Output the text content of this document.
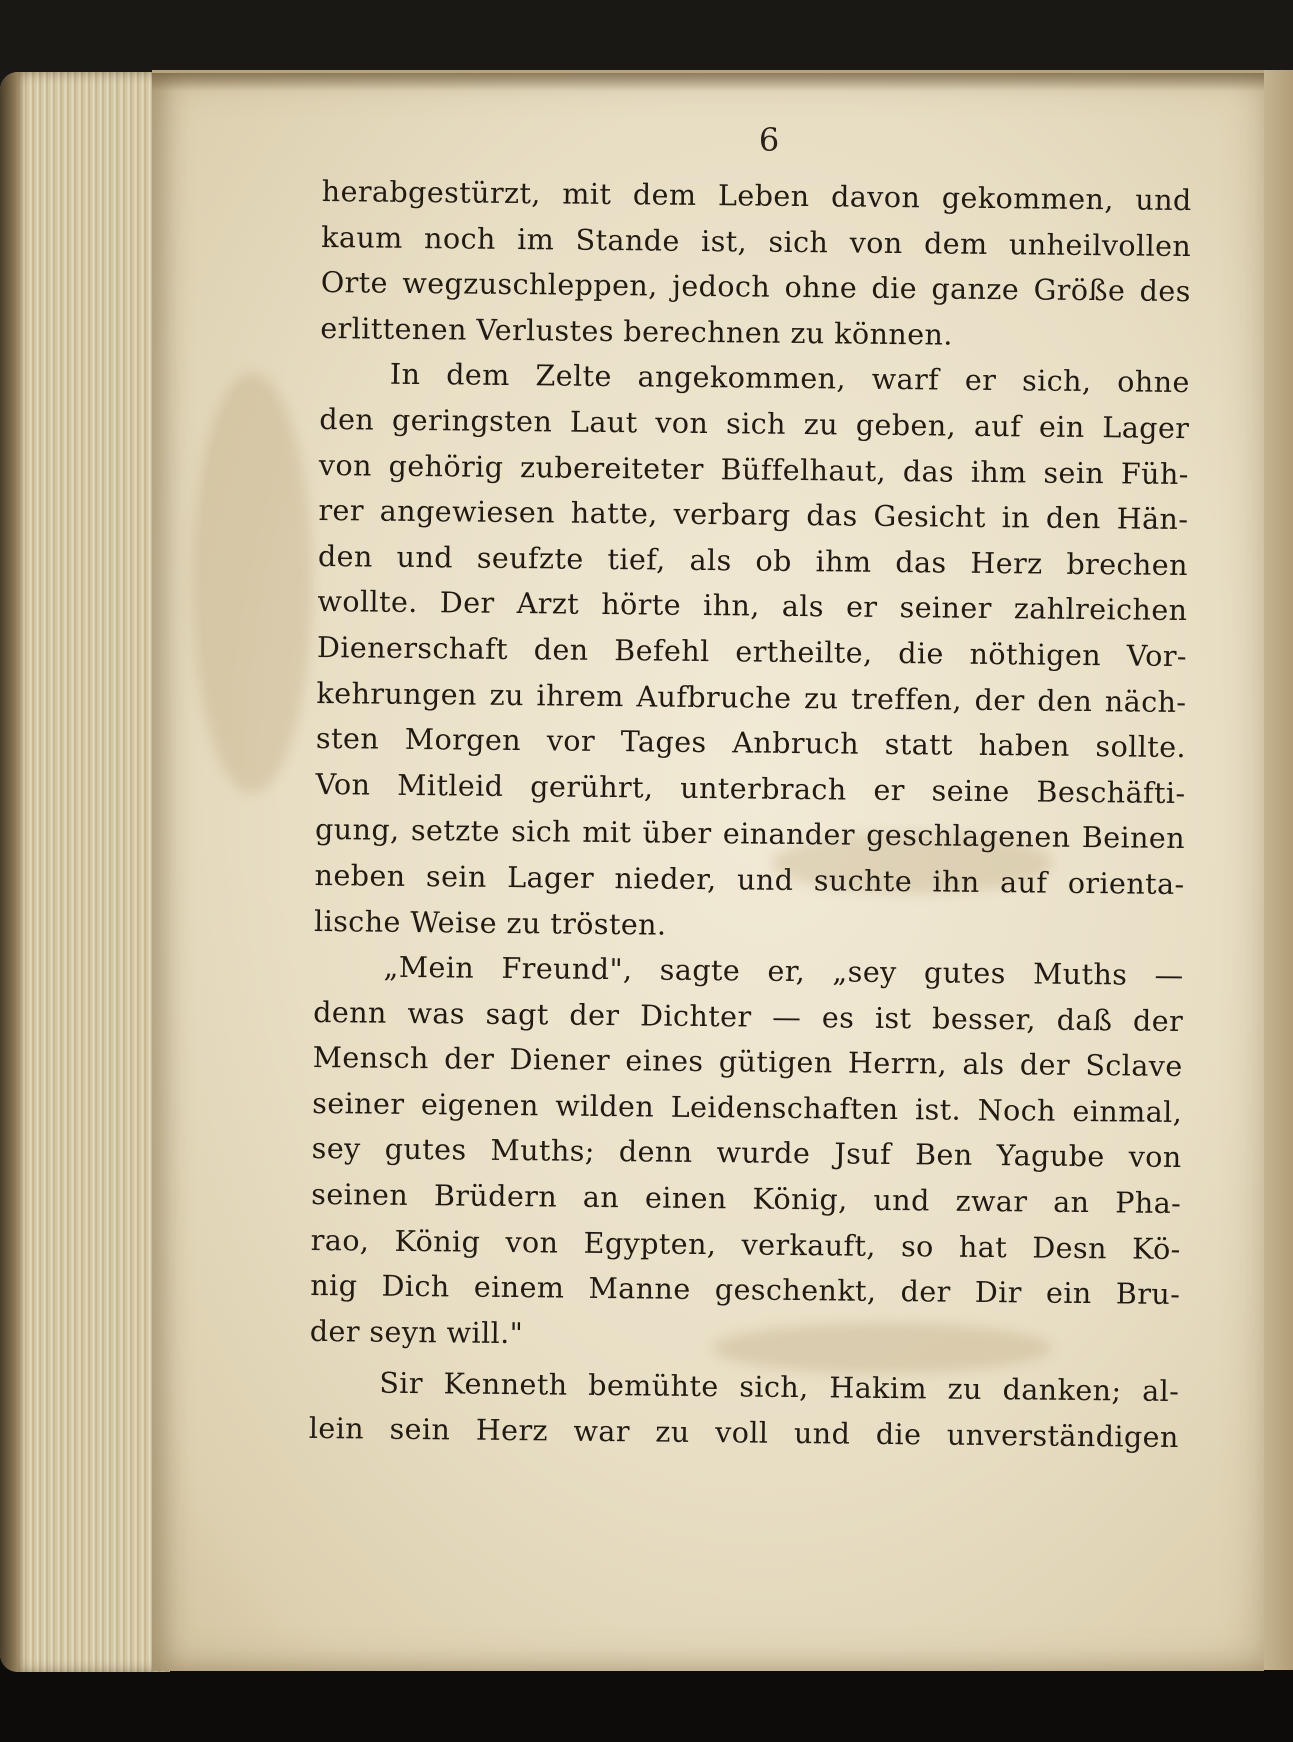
6
herabgestürzt, mit dem Leben davon gekommen, und
kaum noch im Stande ist, sich von dem unheilvollen
Orte wegzuschleppen, jedoch ohne die ganze Größe des
erlittenen Verlustes berechnen zu können.
In dem Zelte angekommen, warf er sich, ohne
den geringsten Laut von sich zu geben, auf ein Lager
von gehörig zubereiteter Büffelhaut, das ihm sein Füh-
rer angewiesen hatte, verbarg das Gesicht in den Hän-
den und seufzte tief, als ob ihm das Herz brechen
wollte. Der Arzt hörte ihn, als er seiner zahlreichen
Dienerschaft den Befehl ertheilte, die nöthigen Vor-
kehrungen zu ihrem Aufbruche zu treffen, der den näch-
sten Morgen vor Tages Anbruch statt haben sollte.
Von Mitleid gerührt, unterbrach er seine Beschäfti-
gung, setzte sich mit über einander geschlagenen Beinen
neben sein Lager nieder, und suchte ihn auf orienta-
lische Weise zu trösten.
„Mein Freund", sagte er, „sey gutes Muths —
denn was sagt der Dichter — es ist besser, daß der
Mensch der Diener eines gütigen Herrn, als der Sclave
seiner eigenen wilden Leidenschaften ist. Noch einmal,
sey gutes Muths; denn wurde Jsuf Ben Yagube von
seinen Brüdern an einen König, und zwar an Pha-
rao, König von Egypten, verkauft, so hat Desn Kö-
nig Dich einem Manne geschenkt, der Dir ein Bru-
der seyn will."
Sir Kenneth bemühte sich, Hakim zu danken; al-
lein sein Herz war zu voll und die unverständigen
